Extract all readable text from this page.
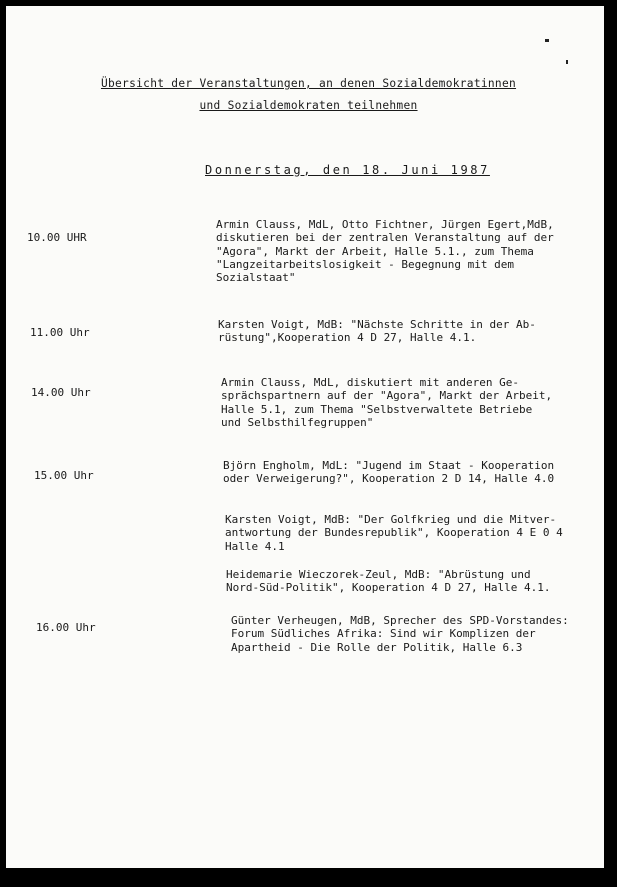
Übersicht der Veranstaltungen, an denen Sozialdemokratinnen
und Sozialdemokraten teilnehmen
Donnerstag, den 18. Juni 1987
10.00 UHR
Armin Clauss, MdL, Otto Fichtner, Jürgen Egert,MdB,
diskutieren bei der zentralen Veranstaltung auf der
"Agora", Markt der Arbeit, Halle 5.1., zum Thema
"Langzeitarbeitslosigkeit - Begegnung mit dem
Sozialstaat"
11.00 Uhr
Karsten Voigt, MdB: "Nächste Schritte in der Ab-
rüstung",Kooperation 4 D 27, Halle 4.1.
14.00 Uhr
Armin Clauss, MdL, diskutiert mit anderen Ge-
sprächspartnern auf der "Agora", Markt der Arbeit,
Halle 5.1, zum Thema "Selbstverwaltete Betriebe
und Selbsthilfegruppen"
15.00 Uhr
Björn Engholm, MdL: "Jugend im Staat - Kooperation
oder Verweigerung?", Kooperation 2 D 14, Halle 4.0
Karsten Voigt, MdB: "Der Golfkrieg und die Mitver-
antwortung der Bundesrepublik", Kooperation 4 E 0 4
Halle 4.1
Heidemarie Wieczorek-Zeul, MdB: "Abrüstung und
Nord-Süd-Politik", Kooperation 4 D 27, Halle 4.1.
16.00 Uhr
Günter Verheugen, MdB, Sprecher des SPD-Vorstandes:
Forum Südliches Afrika: Sind wir Komplizen der
Apartheid - Die Rolle der Politik, Halle 6.3
